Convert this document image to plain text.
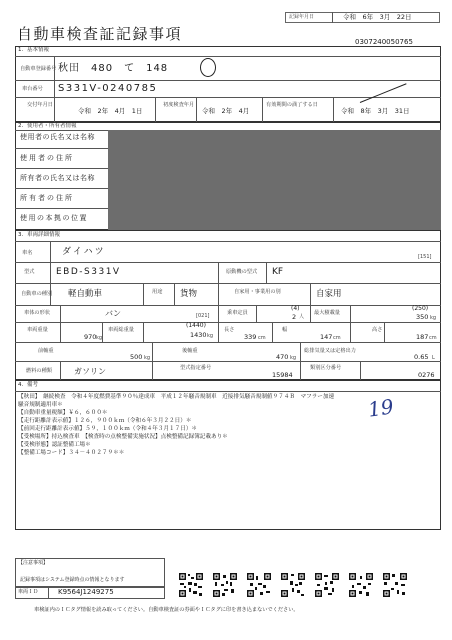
記録年月日	令和　6年　3月　22日
自動車検査証記録事項	0307240050765
1．基本情報
自動車登録番号 秋田　480　て　148
車台番号 S331V-0240785
交付年月日
令和　2年　4月　1日
初度検査年月
令和　2年　4月
有効期間の満了する日
令和　8年　3月　31日
2．使用者・所有者情報
使用者の氏名又は名称
使用者の住所
所有者の氏名又は名称
所有者の住所
使用の本拠の位置
3．車両詳細情報
車名	ダイハツ	[151]
型式 EBD-S331V	原動機の型式 KF
自動車の種別 軽自動車	用途 貨物	自家用・事業用の別	自家用
車体の形状	バン	[021]	乗車定員
(4)
2 人
最大積載量
(250)
350 kg
車両重量
970 kg
車両総重量
(1440)
1430 kg
長さ
339 cm
幅
147 cm
高さ
187 cm
前軸重
500 kg
後軸重
470 kg
総排気量又は定格出力
0.65 L
燃料の種類	ガソリン	型式指定番号
15984
類別区分番号
0276
4．備考
【秋田】　継続検査　令和４年度燃費基準９０％達成車　平成１２年騒音規制車　近接排気騒音規制値９７４Ｂ　マフラー加速
騒音規制適用車＊
【自動車重量税額】￥６，６００＊
【走行距離計表示値】１２６，９００ｋｍ（令和６年３月２２日）＊
【前回走行距離計表示値】５９，１００ｋｍ（令和４年３月１７日）＊
【受検場所】持込検査車　【検査時の点検整備実施状況】点検整備記録簿記載あり＊
【受検形態】認証整備工場＊
【整備工場コード】３４－４０２７９＊＊
19
【注意事項】
記録事項はシステム登録時点の情報となります
車両ＩＤ	K9564J1249275
車検証内のＩＣタグ情報を読み取ってください。自動車検査証の券面やＩＣタグに印を書き込まないでください。
